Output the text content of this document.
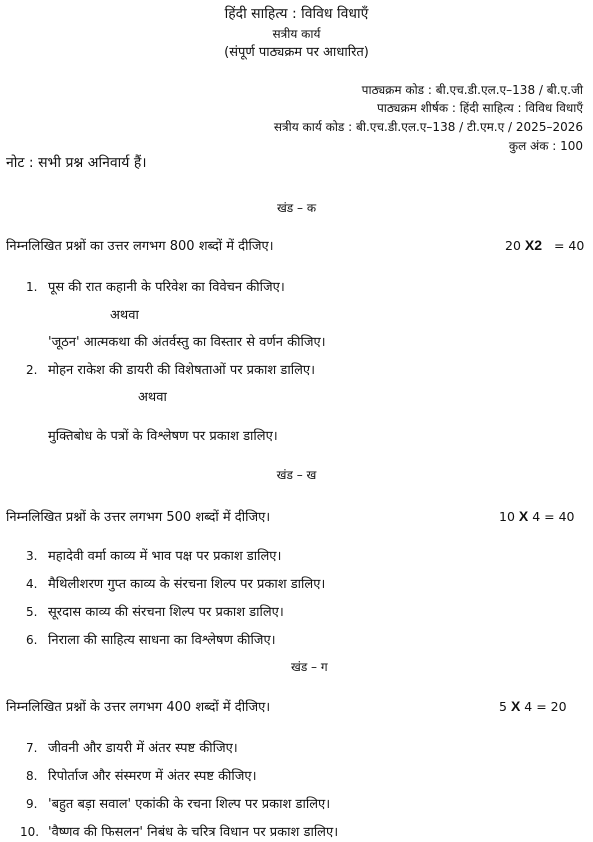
हिंदी साहित्य : विविध विधाएँ
सत्रीय कार्य
(संपूर्ण पाठ्यक्रम पर आधारित)
पाठ्यक्रम कोड : बी.एच.डी.एल.ए–138 / बी.ए.जी
पाठ्यक्रम शीर्षक : हिंदी साहित्य : विविध विधाएँ
सत्रीय कार्य कोड : बी.एच.डी.एल.ए–138 / टी.एम.ए / 2025–2026
कुल अंक : 100
नोट : सभी प्रश्न अनिवार्य हैं।
खंड – क
निम्नलिखित प्रश्नों का उत्तर लगभग 800 शब्दों में दीजिए।	20 X2 = 40
1. पूस की रात कहानी के परिवेश का विवेचन कीजिए।
अथवा
'जूठन' आत्मकथा की अंतर्वस्तु का विस्तार से वर्णन कीजिए।
2. मोहन राकेश की डायरी की विशेषताओं पर प्रकाश डालिए।
अथवा
मुक्तिबोध के पत्रों के विश्लेषण पर प्रकाश डालिए।
खंड – ख
निम्नलिखित प्रश्नों के उत्तर लगभग 500 शब्दों में दीजिए।	10 X 4 = 40
3. महादेवी वर्मा काव्य में भाव पक्ष पर प्रकाश डालिए।
4. मैथिलीशरण गुप्त काव्य के संरचना शिल्प पर प्रकाश डालिए।
5. सूरदास काव्य की संरचना शिल्प पर प्रकाश डालिए।
6. निराला की साहित्य साधना का विश्लेषण कीजिए।
खंड – ग
निम्नलिखित प्रश्नों के उत्तर लगभग 400 शब्दों में दीजिए।	5 X 4 = 20
7. जीवनी और डायरी में अंतर स्पष्ट कीजिए।
8. रिपोर्ताज और संस्मरण में अंतर स्पष्ट कीजिए।
9. 'बहुत बड़ा सवाल' एकांकी के रचना शिल्प पर प्रकाश डालिए।
10. 'वैष्णव की फिसलन' निबंध के चरित्र विधान पर प्रकाश डालिए।
